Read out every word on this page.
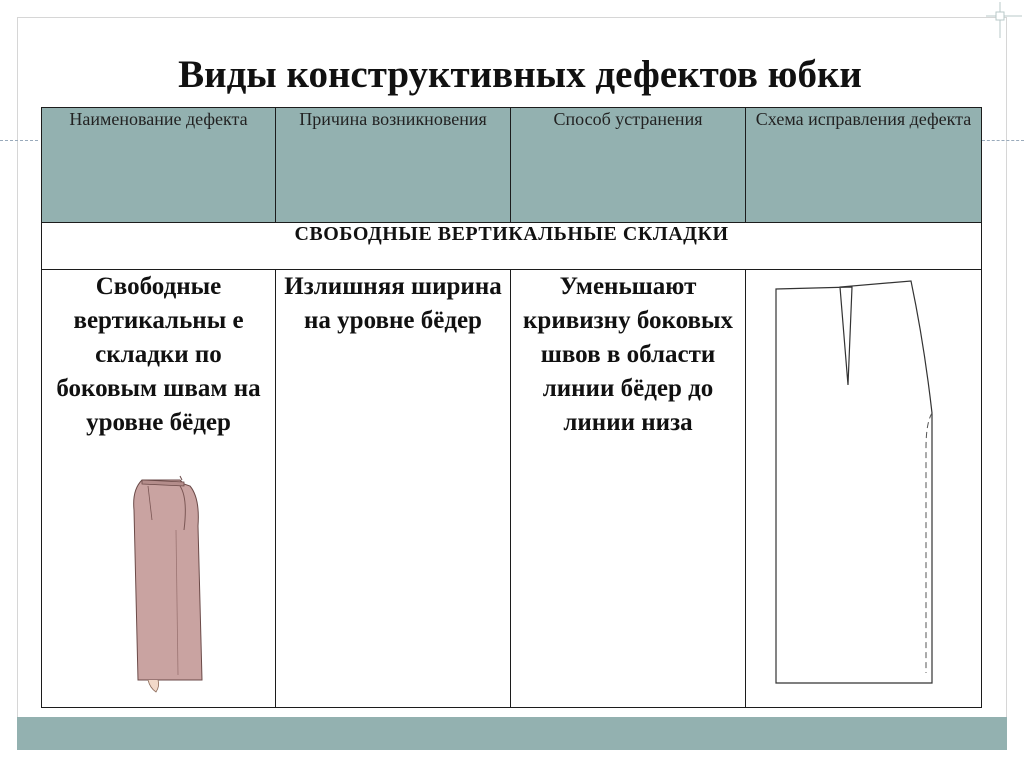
Виды конструктивных дефектов юбки
Наименование дефекта	Причина возникновения	Способ устранения	Схема исправления дефекта
СВОБОДНЫЕ ВЕРТИКАЛЬНЫЕ СКЛАДКИ			

Свободные вертикальны е складки по боковым швам на уровне бёдер	Излишняя ширина на уровне бёдер	Уменьшают кривизну боковых швов в области линии бёдер до линии низа
